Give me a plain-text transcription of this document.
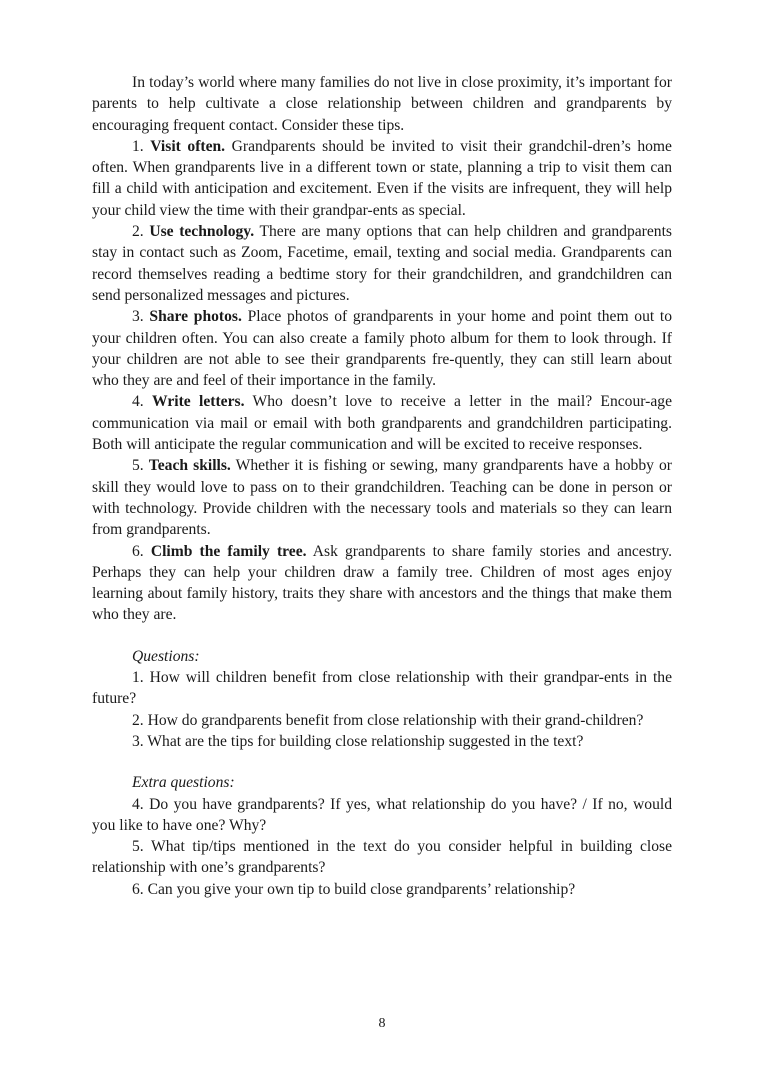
In today’s world where many families do not live in close proximity, it’s important for parents to help cultivate a close relationship between children and grandparents by encouraging frequent contact. Consider these tips.

1. Visit often. Grandparents should be invited to visit their grandchil-dren’s home often. When grandparents live in a different town or state, planning a trip to visit them can fill a child with anticipation and excitement. Even if the visits are infrequent, they will help your child view the time with their grandpar-ents as special.

2. Use technology. There are many options that can help children and grandparents stay in contact such as Zoom, Facetime, email, texting and social media. Grandparents can record themselves reading a bedtime story for their grandchildren, and grandchildren can send personalized messages and pictures.

3. Share photos. Place photos of grandparents in your home and point them out to your children often. You can also create a family photo album for them to look through. If your children are not able to see their grandparents fre-quently, they can still learn about who they are and feel of their importance in the family.

4. Write letters. Who doesn’t love to receive a letter in the mail? Encour-age communication via mail or email with both grandparents and grandchildren participating. Both will anticipate the regular communication and will be excited to receive responses.

5. Teach skills. Whether it is fishing or sewing, many grandparents have a hobby or skill they would love to pass on to their grandchildren. Teaching can be done in person or with technology. Provide children with the necessary tools and materials so they can learn from grandparents.

6. Climb the family tree. Ask grandparents to share family stories and ancestry. Perhaps they can help your children draw a family tree. Children of most ages enjoy learning about family history, traits they share with ancestors and the things that make them who they are.

Questions:

1. How will children benefit from close relationship with their grandpar-ents in the future?

2. How do grandparents benefit from close relationship with their grand-children?

3. What are the tips for building close relationship suggested in the text?

Extra questions:

4. Do you have grandparents? If yes, what relationship do you have? / If no, would you like to have one? Why?

5. What tip/tips mentioned in the text do you consider helpful in building close relationship with one’s grandparents?

6. Can you give your own tip to build close grandparents’ relationship?

8
